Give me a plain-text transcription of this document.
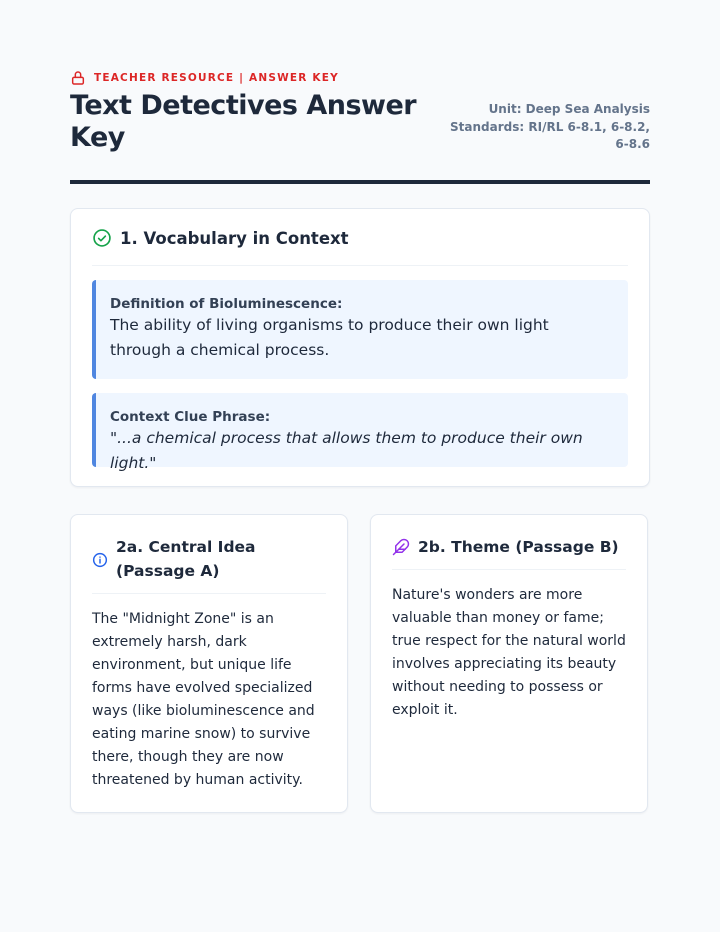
TEACHER RESOURCE | ANSWER KEY
Text Detectives Answer Key
Unit: Deep Sea Analysis
Standards: RI/RL 6-8.1, 6-8.2, 6-8.6
1. Vocabulary in Context
Definition of Bioluminescence:
The ability of living organisms to produce their own light through a chemical process.
Context Clue Phrase:
"...a chemical process that allows them to produce their own light."
2a. Central Idea (Passage A)
The "Midnight Zone" is an extremely harsh, dark environment, but unique life forms have evolved specialized ways (like bioluminescence and eating marine snow) to survive there, though they are now threatened by human activity.
2b. Theme (Passage B)
Nature's wonders are more valuable than money or fame; true respect for the natural world involves appreciating its beauty without needing to possess or exploit it.
